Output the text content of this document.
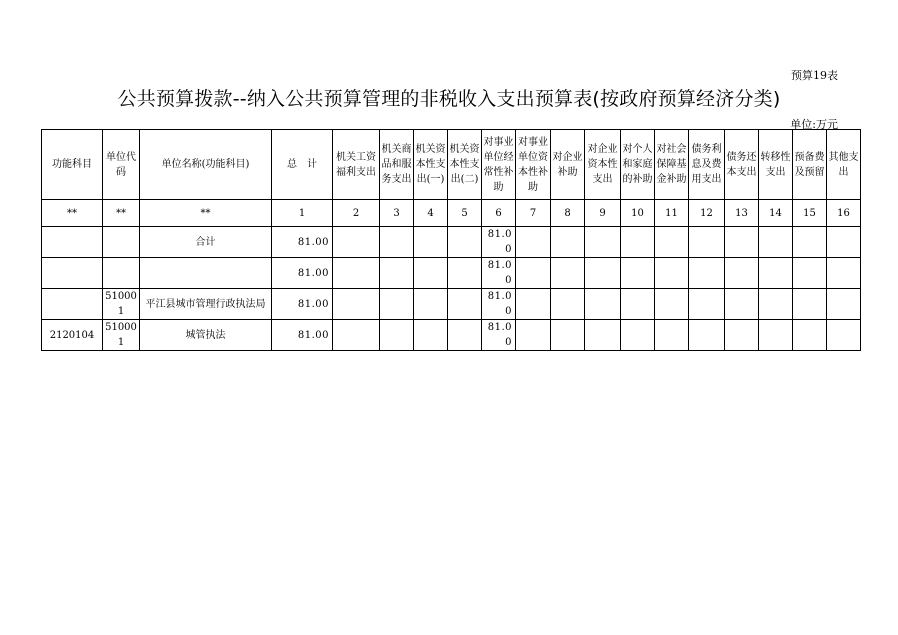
预算19表
公共预算拨款--纳入公共预算管理的非税收入支出预算表(按政府预算经济分类)
单位:万元
功能科目	单位代码	单位名称(功能科目)	总　计	机关工资福利支出	机关商品和服务支出	机关资本性支出(一)	机关资本性支出(二)	对事业单位经常性补助	对事业单位资本性补助	对企业补助	对企业资本性支出	对个人和家庭的补助	对社会保障基金补助	债务利息及费用支出	债务还本支出	转移性支出	预备费及预留	其他支出
**	**	**	1	2	3	4	5	6	7	8	9	10	11	12	13	14	15	16
		合计	81.00					81.00										
			81.00					81.00										
	510001	平江县城市管理行政执法局	81.00					81.00										
2120104	510001	城管执法	81.00					81.00										
